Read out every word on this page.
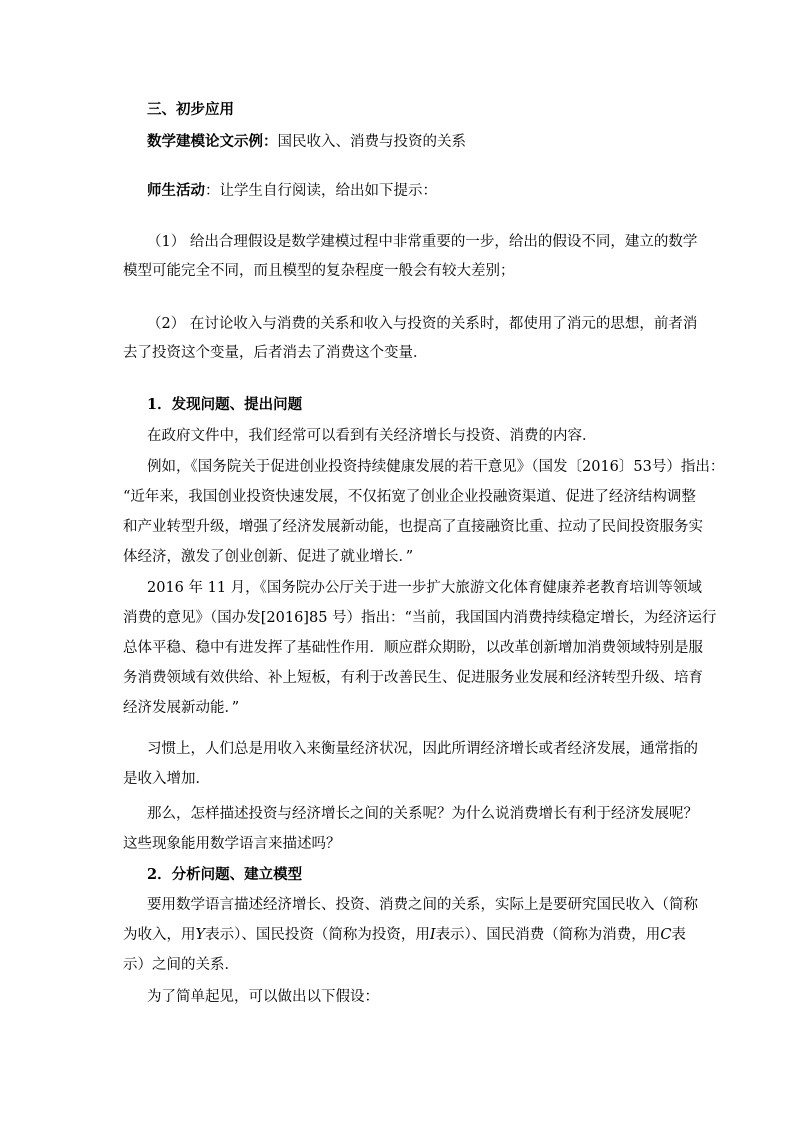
三、初步应用
数学建模论文示例：国民收入、消费与投资的关系
师生活动：让学生自行阅读，给出如下提示：
（1） 给出合理假设是数学建模过程中非常重要的一步，给出的假设不同，建立的数学
模型可能完全不同，而且模型的复杂程度一般会有较大差别；
（2） 在讨论收入与消费的关系和收入与投资的关系时，都使用了消元的思想，前者消
去了投资这个变量，后者消去了消费这个变量．
1．发现问题、提出问题
在政府文件中，我们经常可以看到有关经济增长与投资、消费的内容．
例如，《国务院关于促进创业投资持续健康发展的若干意见》（国发〔2016〕53号）指出：
“近年来，我国创业投资快速发展，不仅拓宽了创业企业投融资渠道、促进了经济结构调整
和产业转型升级，增强了经济发展新动能，也提高了直接融资比重、拉动了民间投资服务实
体经济，激发了创业创新、促进了就业增长．”
2016 年 11 月，《国务院办公厅关于进一步扩大旅游文化体育健康养老教育培训等领域
消费的意见》（国办发[2016]85 号）指出：“当前，我国国内消费持续稳定增长，为经济运行
总体平稳、稳中有进发挥了基础性作用．顺应群众期盼，以改革创新增加消费领域特别是服
务消费领域有效供给、补上短板，有利于改善民生、促进服务业发展和经济转型升级、培育
经济发展新动能．”
习惯上，人们总是用收入来衡量经济状况，因此所谓经济增长或者经济发展，通常指的
是收入增加．
那么，怎样描述投资与经济增长之间的关系呢？为什么说消费增长有利于经济发展呢？
这些现象能用数学语言来描述吗？
2．分析问题、建立模型
要用数学语言描述经济增长、投资、消费之间的关系，实际上是要研究国民收入（简称
为收入，用Y表示）、国民投资（简称为投资，用I表示）、国民消费（简称为消费，用C表
示）之间的关系．
为了简单起见，可以做出以下假设：
